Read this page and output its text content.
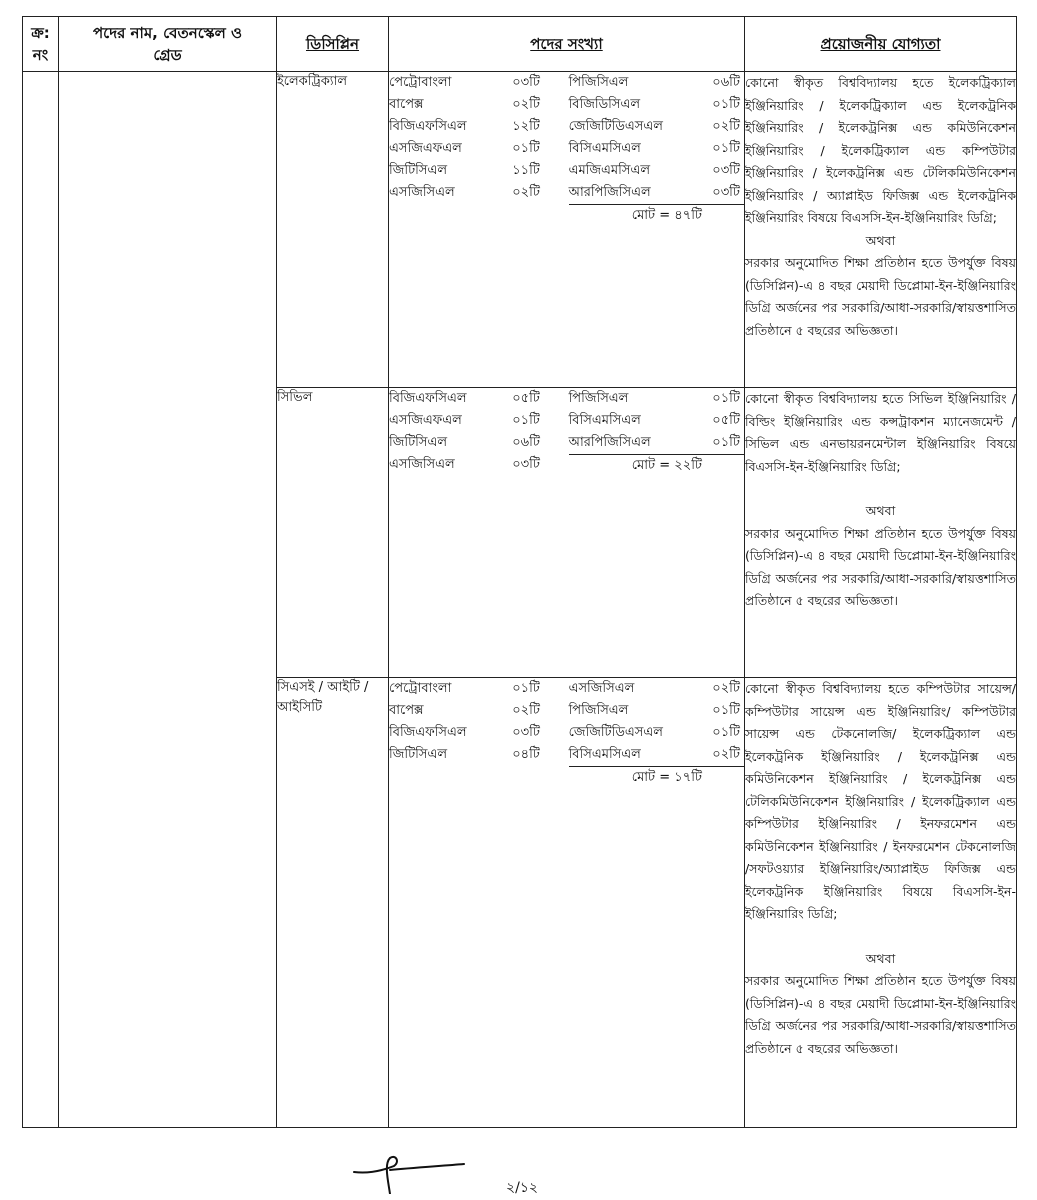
ক্র:
নং

পদের নাম, বেতনস্কেল ও
গ্রেড
	ডিসিপ্লিন	পদের সংখ্যা	প্রয়োজনীয় যোগ্যতা
		ইলেকট্রিক্যাল		পেট্রোবাংলা	০৩টি	পিজিসিএল	০৬টি
বাপেক্স	০২টি	বিজিডিসিএল	০১টি
বিজিএফসিএল	১২টি	জেজিটিডিএসএল	০২টি
এসজিএফএল	০১টি	বিসিএমসিএল	০১টি
জিটিসিএল	১১টি	এমজিএমসিএল	০৩টি
এসজিসিএল	০২টি	আরপিজিসিএল	০৩টি
		মোট = ৪৭টি

কোনো স্বীকৃত বিশ্ববিদ্যালয় হতে ইলেকট্রিক্যাল ইঞ্জিনিয়ারিং / ইলেকট্রিক্যাল এন্ড ইলেকট্রনিক ইঞ্জিনিয়ারিং / ইলেকট্রনিক্স এন্ড কমিউনিকেশন ইঞ্জিনিয়ারিং / ইলেকট্রিক্যাল এন্ড কম্পিউটার ইঞ্জিনিয়ারিং / ইলেকট্রনিক্স এন্ড টেলিকমিউনিকেশন ইঞ্জিনিয়ারিং / অ্যাপ্লাইড ফিজিক্স এন্ড ইলেকট্রনিক ইঞ্জিনিয়ারিং বিষয়ে বিএসসি-ইন-ইঞ্জিনিয়ারিং ডিগ্রি;

অথবা

সরকার অনুমোদিত শিক্ষা প্রতিষ্ঠান হতে উপর্যুক্ত বিষয় (ডিসিপ্লিন)-এ ৪ বছর মেয়াদী ডিপ্লোমা-ইন-ইঞ্জিনিয়ারিং ডিগ্রি অর্জনের পর সরকারি/আধা-সরকারি/স্বায়ত্তশাসিত প্রতিষ্ঠানে ৫ বছরের অভিজ্ঞতা।

সিভিল		বিজিএফসিএল	০৫টি	পিজিসিএল	০১টি
এসজিএফএল	০১টি	বিসিএমসিএল	০৫টি
জিটিসিএল	০৬টি	আরপিজিসিএল	০১টি
এসজিসিএল	০৩টি	মোট = ২২টি

কোনো স্বীকৃত বিশ্ববিদ্যালয় হতে সিভিল ইঞ্জিনিয়ারিং / বিল্ডিং ইঞ্জিনিয়ারিং এন্ড কন্সট্রাকশন ম্যানেজমেন্ট / সিভিল এন্ড এনভায়রনমেন্টাল ইঞ্জিনিয়ারিং বিষয়ে বিএসসি-ইন-ইঞ্জিনিয়ারিং ডিগ্রি;

অথবা

সরকার অনুমোদিত শিক্ষা প্রতিষ্ঠান হতে উপর্যুক্ত বিষয় (ডিসিপ্লিন)-এ ৪ বছর মেয়াদী ডিপ্লোমা-ইন-ইঞ্জিনিয়ারিং ডিগ্রি অর্জনের পর সরকারি/আধা-সরকারি/স্বায়ত্তশাসিত প্রতিষ্ঠানে ৫ বছরের অভিজ্ঞতা।

সিএসই / আইটি / আইসিটি	
পেট্রোবাংলা	০১টি	এসজিসিএল	০২টি
বাপেক্স	০২টি	পিজিসিএল	০১টি
বিজিএফসিএল	০৩টি	জেজিটিডিএসএল	০১টি
জিটিসিএল	০৪টি	বিসিএমসিএল	০২টি
		মোট = ১৭টি

কোনো স্বীকৃত বিশ্ববিদ্যালয় হতে কম্পিউটার সায়েন্স/ কম্পিউটার সায়েন্স এন্ড ইঞ্জিনিয়ারিং/ কম্পিউটার সায়েন্স এন্ড টেকনোলজি/ ইলেকট্রিক্যাল এন্ড ইলেকট্রনিক ইঞ্জিনিয়ারিং / ইলেকট্রনিক্স এন্ড কমিউনিকেশন ইঞ্জিনিয়ারিং / ইলেকট্রনিক্স এন্ড টেলিকমিউনিকেশন ইঞ্জিনিয়ারিং / ইলেকট্রিক্যাল এন্ড কম্পিউটার ইঞ্জিনিয়ারিং / ইনফরমেশন এন্ড কমিউনিকেশন ইঞ্জিনিয়ারিং / ইনফরমেশন টেকনোলজি /সফটওয়্যার ইঞ্জিনিয়ারিং/অ্যাপ্লাইড ফিজিক্স এন্ড ইলেকট্রনিক ইঞ্জিনিয়ারিং বিষয়ে বিএসসি-ইন-ইঞ্জিনিয়ারিং ডিগ্রি;

অথবা

সরকার অনুমোদিত শিক্ষা প্রতিষ্ঠান হতে উপর্যুক্ত বিষয় (ডিসিপ্লিন)-এ ৪ বছর মেয়াদী ডিপ্লোমা-ইন-ইঞ্জিনিয়ারিং ডিগ্রি অর্জনের পর সরকারি/আধা-সরকারি/স্বায়ত্তশাসিত প্রতিষ্ঠানে ৫ বছরের অভিজ্ঞতা।

২/১২
